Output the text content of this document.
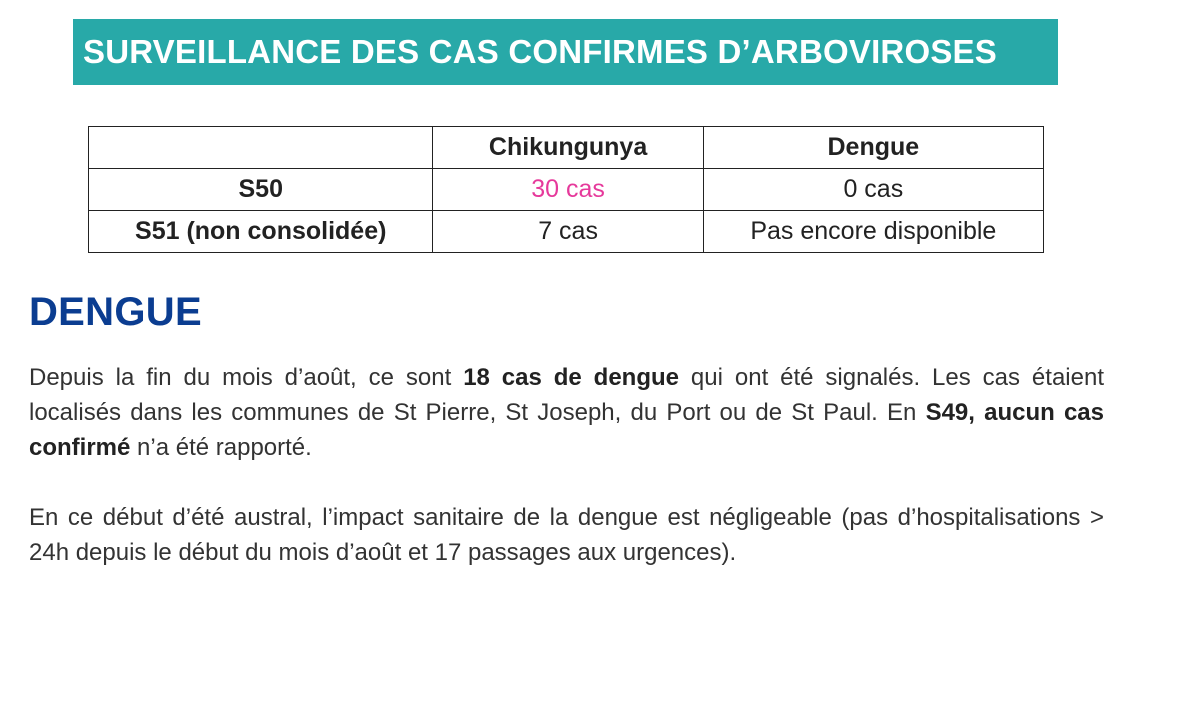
SURVEILLANCE DES CAS CONFIRMES D’ARBOVIROSES
	Chikungunya	Dengue
S50	30 cas	0 cas
S51 (non consolidée)	7 cas	Pas encore disponible
DENGUE

Depuis la fin du mois d’août, ce sont 18 cas de dengue qui ont été signalés. Les cas étaient localisés dans les communes de St Pierre, St Joseph, du Port ou de St Paul. En S49, aucun cas confirmé n’a été rapporté.

En ce début d’été austral, l’impact sanitaire de la dengue est négligeable (pas d’hospitalisations > 24h depuis le début du mois d’août et 17 passages aux urgences).
